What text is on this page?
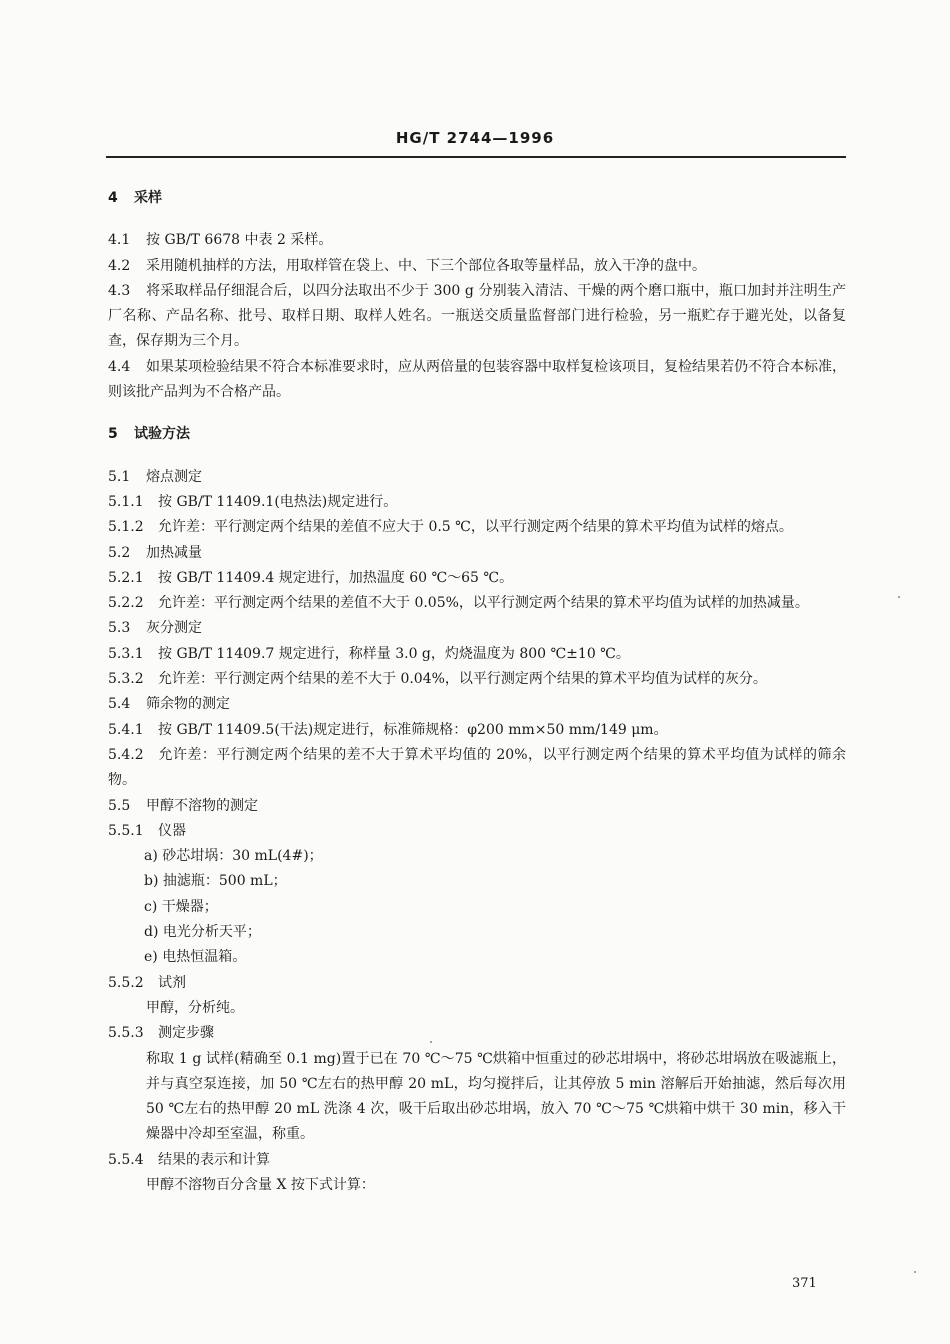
HG/T 2744—1996

4 采样

4.1 按 GB/T 6678 中表 2 采样。

4.2 采用随机抽样的方法，用取样管在袋上、中、下三个部位各取等量样品，放入干净的盘中。

4.3 将采取样品仔细混合后，以四分法取出不少于 300 g 分别装入清洁、干燥的两个磨口瓶中，瓶口加封并注明生产厂名称、产品名称、批号、取样日期、取样人姓名。一瓶送交质量监督部门进行检验，另一瓶贮存于避光处，以备复查，保存期为三个月。

4.4 如果某项检验结果不符合本标准要求时，应从两倍量的包装容器中取样复检该项目，复检结果若仍不符合本标准，则该批产品判为不合格产品。

5 试验方法

5.1 熔点测定

5.1.1 按 GB/T 11409.1(电热法)规定进行。

5.1.2 允许差：平行测定两个结果的差值不应大于 0.5 ℃，以平行测定两个结果的算术平均值为试样的熔点。

5.2 加热减量

5.2.1 按 GB/T 11409.4 规定进行，加热温度 60 ℃～65 ℃。

5.2.2 允许差：平行测定两个结果的差值不大于 0.05%，以平行测定两个结果的算术平均值为试样的加热减量。

5.3 灰分测定

5.3.1 按 GB/T 11409.7 规定进行，称样量 3.0 g，灼烧温度为 800 ℃±10 ℃。

5.3.2 允许差：平行测定两个结果的差不大于 0.04%，以平行测定两个结果的算术平均值为试样的灰分。

5.4 筛余物的测定

5.4.1 按 GB/T 11409.5(干法)规定进行，标准筛规格：φ200 mm×50 mm/149 μm。

5.4.2 允许差：平行测定两个结果的差不大于算术平均值的 20%，以平行测定两个结果的算术平均值为试样的筛余物。

5.5 甲醇不溶物的测定

5.5.1 仪器

a) 砂芯坩埚：30 mL(4#)；

b) 抽滤瓶：500 mL；

c) 干燥器；

d) 电光分析天平；

e) 电热恒温箱。

5.5.2 试剂

甲醇，分析纯。

5.5.3 测定步骤

称取 1 g 试样(精确至 0.1 mg)置于已在 70 ℃～75 ℃烘箱中恒重过的砂芯坩埚中，将砂芯坩埚放在吸滤瓶上，并与真空泵连接，加 50 ℃左右的热甲醇 20 mL，均匀搅拌后，让其停放 5 min 溶解后开始抽滤，然后每次用 50 ℃左右的热甲醇 20 mL 洗涤 4 次，吸干后取出砂芯坩埚，放入 70 ℃～75 ℃烘箱中烘干 30 min，移入干燥器中冷却至室温，称重。

5.5.4 结果的表示和计算

甲醇不溶物百分含量 X 按下式计算：

371
